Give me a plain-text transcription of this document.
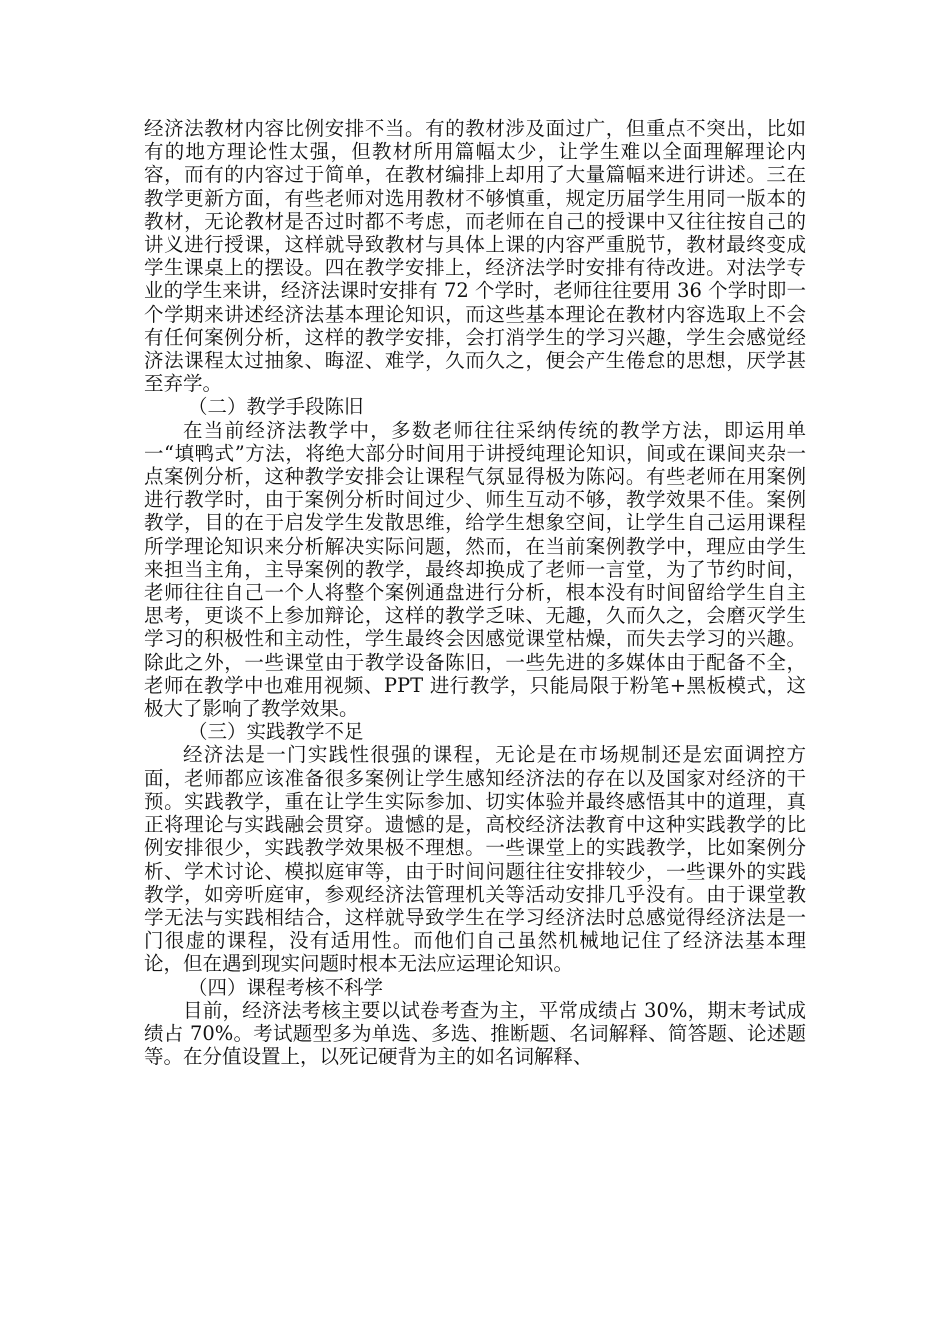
经济法教材内容比例安排不当。有的教材涉及面过广，但重点不突出，比如有的地方理论性太强，但教材所用篇幅太少，让学生难以全面理解理论内容，而有的内容过于简单，在教材编排上却用了大量篇幅来进行讲述。三在教学更新方面，有些老师对选用教材不够慎重，规定历届学生用同一版本的教材，无论教材是否过时都不考虑，而老师在自己的授课中又往往按自己的讲义进行授课，这样就导致教材与具体上课的内容严重脱节，教材最终变成学生课桌上的摆设。四在教学安排上，经济法学时安排有待改进。对法学专业的学生来讲，经济法课时安排有 72 个学时，老师往往要用 36 个学时即一个学期来讲述经济法基本理论知识，而这些基本理论在教材内容选取上不会有任何案例分析，这样的教学安排，会打消学生的学习兴趣，学生会感觉经济法课程太过抽象、晦涩、难学，久而久之，便会产生倦怠的思想，厌学甚至弃学。

（二）教学手段陈旧

在当前经济法教学中，多数老师往往采纳传统的教学方法，即运用单一“填鸭式”方法，将绝大部分时间用于讲授纯理论知识，间或在课间夹杂一点案例分析，这种教学安排会让课程气氛显得极为陈闷。有些老师在用案例进行教学时，由于案例分析时间过少、师生互动不够，教学效果不佳。案例教学，目的在于启发学生发散思维，给学生想象空间，让学生自己运用课程所学理论知识来分析解决实际问题，然而，在当前案例教学中，理应由学生来担当主角，主导案例的教学，最终却换成了老师一言堂，为了节约时间，老师往往自己一个人将整个案例通盘进行分析，根本没有时间留给学生自主思考，更谈不上参加辩论，这样的教学乏味、无趣，久而久之，会磨灭学生学习的积极性和主动性，学生最终会因感觉课堂枯燥，而失去学习的兴趣。除此之外，一些课堂由于教学设备陈旧，一些先进的多媒体由于配备不全，老师在教学中也难用视频、PPT 进行教学，只能局限于粉笔+黑板模式，这极大了影响了教学效果。

（三）实践教学不足

经济法是一门实践性很强的课程，无论是在市场规制还是宏面调控方面，老师都应该准备很多案例让学生感知经济法的存在以及国家对经济的干预。实践教学，重在让学生实际参加、切实体验并最终感悟其中的道理，真正将理论与实践融会贯穿。遗憾的是，高校经济法教育中这种实践教学的比例安排很少，实践教学效果极不理想。一些课堂上的实践教学，比如案例分析、学术讨论、模拟庭审等，由于时间问题往往安排较少，一些课外的实践教学，如旁听庭审，参观经济法管理机关等活动安排几乎没有。由于课堂教学无法与实践相结合，这样就导致学生在学习经济法时总感觉得经济法是一门很虚的课程，没有适用性。而他们自己虽然机械地记住了经济法基本理论，但在遇到现实问题时根本无法应运理论知识。

（四）课程考核不科学

目前，经济法考核主要以试卷考查为主，平常成绩占 30%，期末考试成绩占 70%。考试题型多为单选、多选、推断题、名词解释、简答题、论述题等。在分值设置上，以死记硬背为主的如名词解释、
